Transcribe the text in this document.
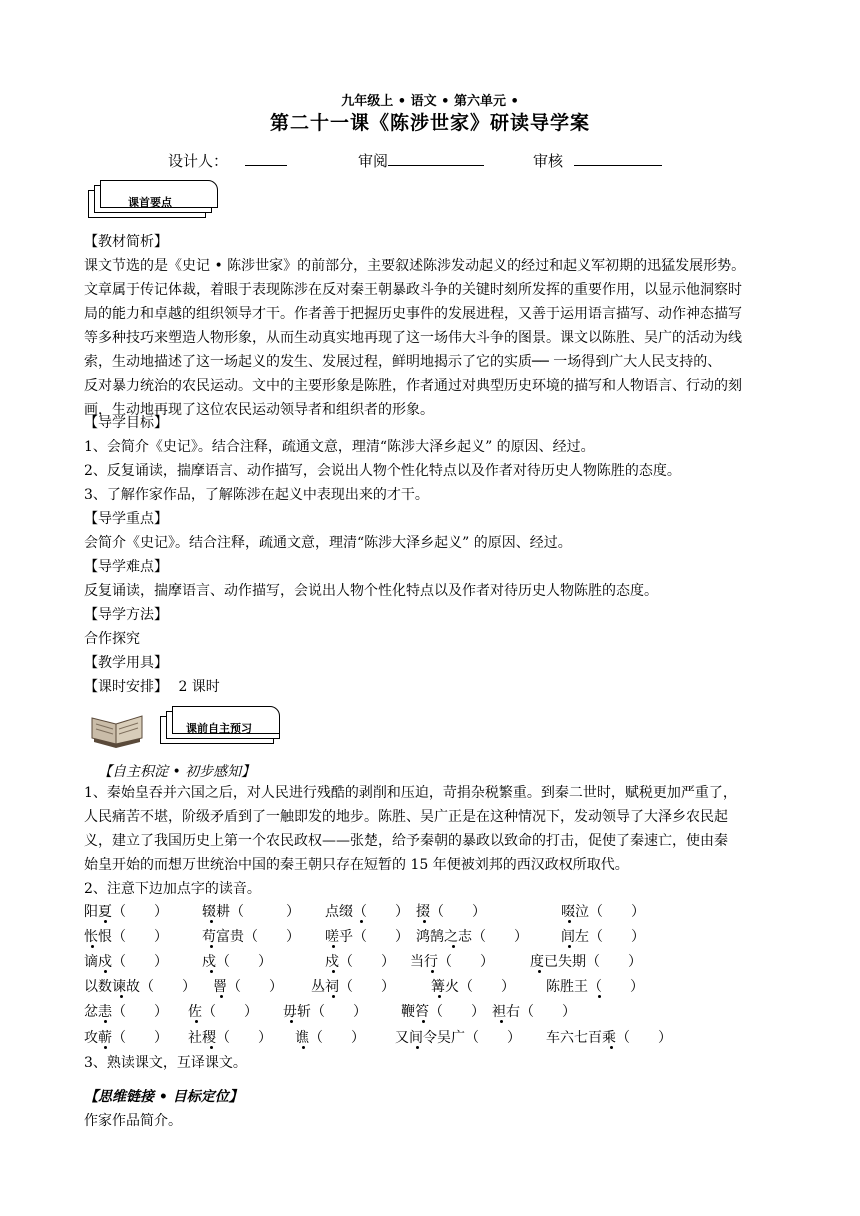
九年级上 • 语文 • 第六单元 •
第二十一课《陈涉世家》研读导学案
设计人：	审阅	审核
课首要点
【教材简析】
课文节选的是《史记 • 陈涉世家》的前部分，主要叙述陈涉发动起义的经过和起义军初期的迅猛发展形势。
文章属于传记体裁，着眼于表现陈涉在反对秦王朝暴政斗争的关键时刻所发挥的重要作用，以显示他洞察时
局的能力和卓越的组织领导才干。作者善于把握历史事件的发展进程，又善于运用语言描写、动作神态描写
等多种技巧来塑造人物形象，从而生动真实地再现了这一场伟大斗争的图景。课文以陈胜、吴广的活动为线
索，生动地描述了这一场起义的发生、发展过程，鲜明地揭示了它的实质── 一场得到广大人民支持的、
反对暴力统治的农民运动。文中的主要形象是陈胜，作者通过对典型历史环境的描写和人物语言、行动的刻
画，生动地再现了这位农民运动领导者和组织者的形象。
【导学目标】
1、会简介《史记》。结合注释，疏通文意，理清“陈涉大泽乡起义” 的原因、经过。
2、反复诵读，揣摩语言、动作描写，会说出人物个性化特点以及作者对待历史人物陈胜的态度。
3、了解作家作品，了解陈涉在起义中表现出来的才干。
【导学重点】
会简介《史记》。结合注释，疏通文意，理清“陈涉大泽乡起义” 的原因、经过。
【导学难点】
反复诵读，揣摩语言、动作描写，会说出人物个性化特点以及作者对待历史人物陈胜的态度。
【导学方法】
合作探究
【教学用具】
【课时安排】 2 课时
课前自主预习
【自主积淀 • 初步感知】
1、秦始皇吞并六国之后，对人民进行残酷的剥削和压迫，苛捐杂税繁重。到秦二世时，赋税更加严重了，
人民痛苦不堪，阶级矛盾到了一触即发的地步。陈胜、吴广正是在这种情况下，发动领导了大泽乡农民起
义，建立了我国历史上第一个农民政权——张楚，给予秦朝的暴政以致命的打击，促使了秦速亡，使由秦
始皇开始的而想万世统治中国的秦王朝只存在短暂的 15 年便被刘邦的西汉政权所取代。
2、注意下边加点字的读音。
阳夏（　　） 辍耕（　　　） 点缀（　　） 掇（　　）	啜泣（　　）
怅恨（　　） 苟富贵（　　） 嗟乎（　　） 鸿鹄之志（　　） 闾左（　　）
谪戍（　　） 戍（　　）	戍（　　） 当行（　　）	度已失期（　　）
以数谏故（　　） 罾（　　） 丛祠（　　）	篝火（　　） 陈胜王（　　）
忿恚（　　） 佐（　　） 毋斩（　　） 鞭笞（　　） 袒右（　　）
攻蕲（　　） 社稷（　　） 谯（　　） 又间令吴广（　　） 车六七百乘（　　）
3、熟读课文，互译课文。
【思维链接 • 目标定位】
作家作品简介。
